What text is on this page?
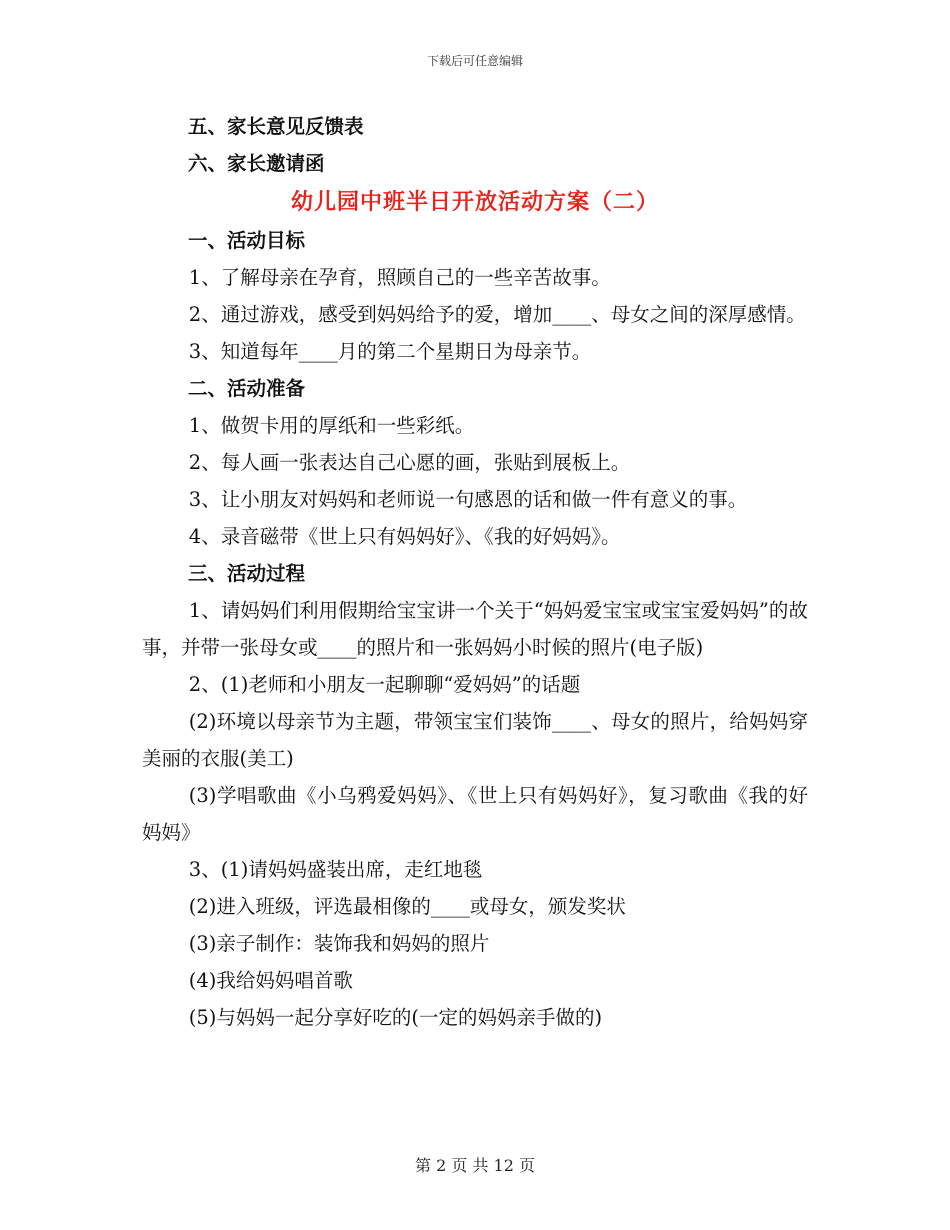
下载后可任意编辑

五、家长意见反馈表

六、家长邀请函

幼儿园中班半日开放活动方案（二）

一、活动目标

1、了解母亲在孕育，照顾自己的一些辛苦故事。

2、通过游戏，感受到妈妈给予的爱，增加____、母女之间的深厚感情。

3、知道每年____月的第二个星期日为母亲节。

二、活动准备

1、做贺卡用的厚纸和一些彩纸。

2、每人画一张表达自己心愿的画，张贴到展板上。

3、让小朋友对妈妈和老师说一句感恩的话和做一件有意义的事。

4、录音磁带《世上只有妈妈好》、《我的好妈妈》。

三、活动过程

1、请妈妈们利用假期给宝宝讲一个关于“妈妈爱宝宝或宝宝爱妈妈”的故事，并带一张母女或____的照片和一张妈妈小时候的照片(电子版)

2、(1)老师和小朋友一起聊聊“爱妈妈”的话题

(2)环境以母亲节为主题，带领宝宝们装饰____、母女的照片，给妈妈穿美丽的衣服(美工)

(3)学唱歌曲《小乌鸦爱妈妈》、《世上只有妈妈好》，复习歌曲《我的好妈妈》

3、(1)请妈妈盛装出席，走红地毯

(2)进入班级，评选最相像的____或母女，颁发奖状

(3)亲子制作：装饰我和妈妈的照片

(4)我给妈妈唱首歌

(5)与妈妈一起分享好吃的(一定的妈妈亲手做的)

第 2 页 共 12 页
